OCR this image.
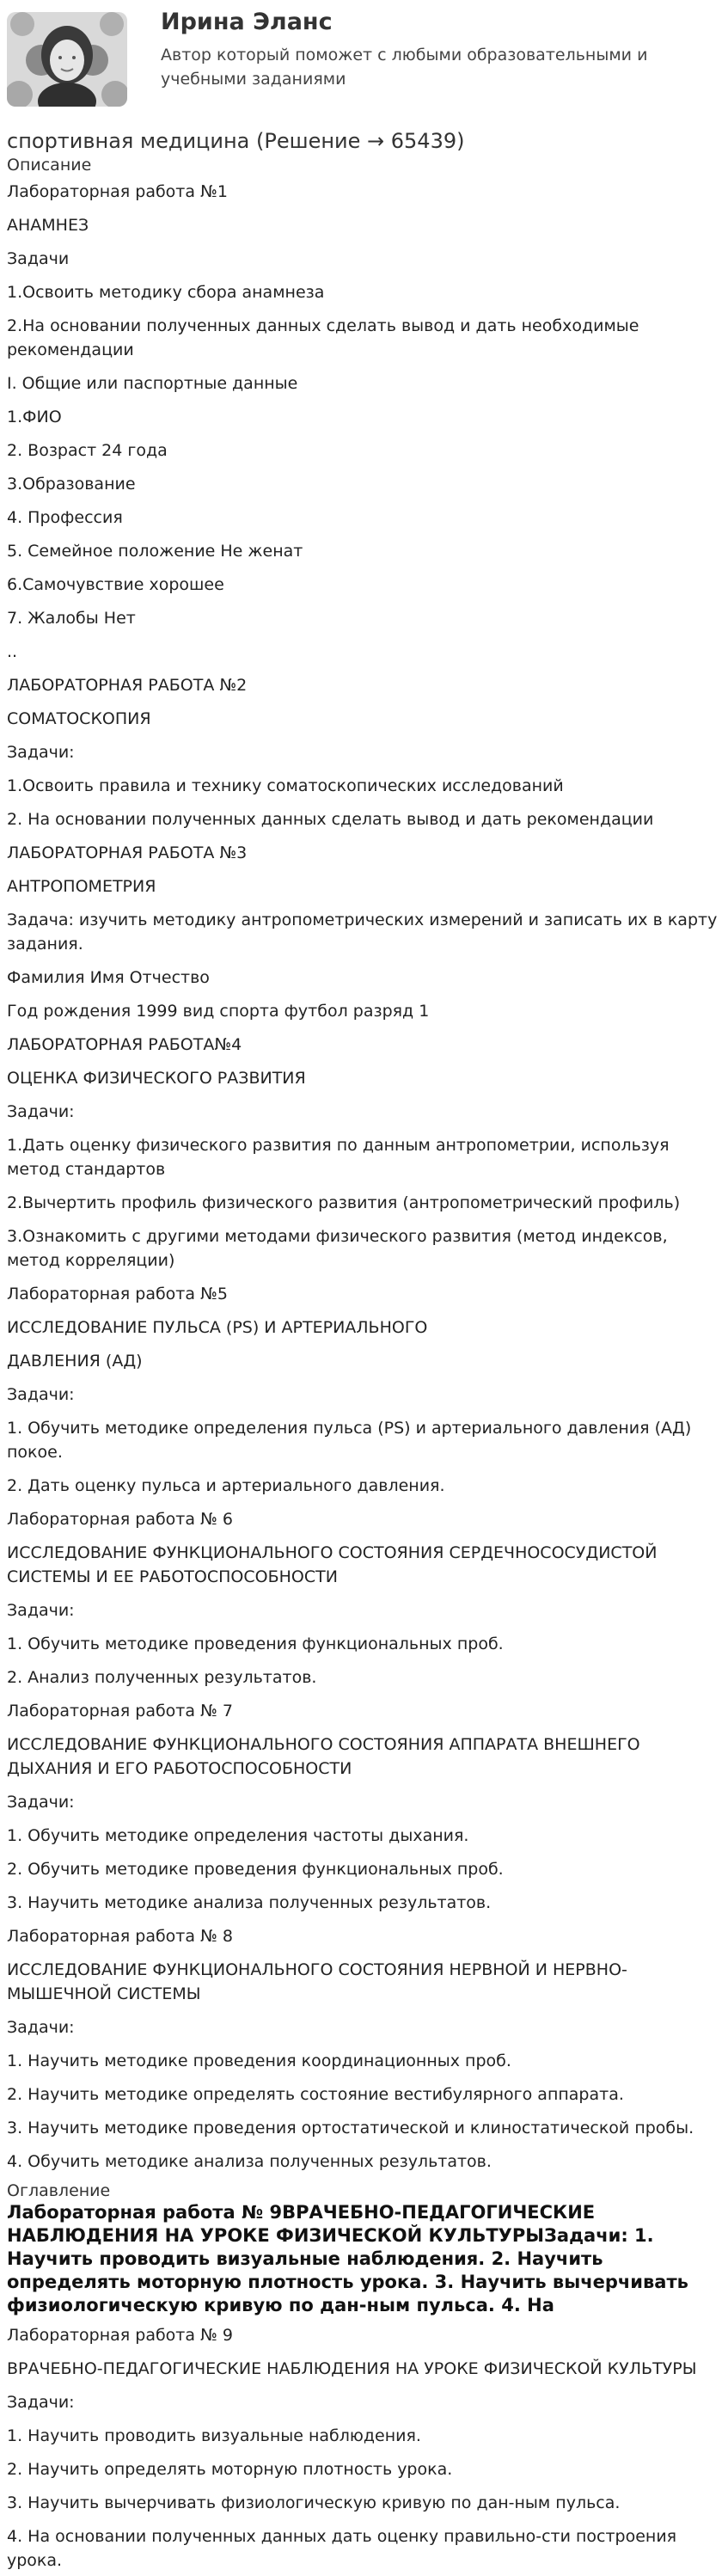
Ирина Эланс

Автор который поможет с любыми образовательными и учебными заданиями

спортивная медицина (Решение → 65439)
Описание

Лабораторная работа №1

АНАМНЕЗ

Задачи

1.Освоить методику сбора анамнеза

2.На основании полученных данных сделать вывод и дать необходимые рекомендации

I. Общие или паспортные данные

1.ФИО

2. Возраст 24 года

3.Образование

4. Профессия

5. Семейное положение Не женат

6.Самочувствие хорошее

7. Жалобы Нет

..

ЛАБОРАТОРНАЯ РАБОТА №2

СОМАТОСКОПИЯ

Задачи:

1.Освоить правила и технику соматоскопических исследований

2. На основании полученных данных сделать вывод и дать рекомендации

ЛАБОРАТОРНАЯ РАБОТА №3

АНТРОПОМЕТРИЯ

Задача: изучить методику антропометрических измерений и записать их в карту задания.

Фамилия Имя Отчество

Год рождения 1999 вид спорта футбол разряд 1

ЛАБОРАТОРНАЯ РАБОТА№4

ОЦЕНКА ФИЗИЧЕСКОГО РАЗВИТИЯ

Задачи:

1.Дать оценку физического развития по данным антропометрии, используя метод стандартов

2.Вычертить профиль физического развития (антропометрический профиль)

3.Ознакомить с другими методами физического развития (метод индексов, метод корреляции)

Лабораторная работа №5

ИССЛЕДОВАНИЕ ПУЛЬСА (PS) И АРТЕРИАЛЬНОГО

ДАВЛЕНИЯ (АД)

Задачи:

1. Обучить методике определения пульса (PS) и артериального давления (АД) покое.

2. Дать оценку пульса и артериального давления.

Лабораторная работа № 6

ИССЛЕДОВАНИЕ ФУНКЦИОНАЛЬНОГО СОСТОЯНИЯ СЕРДЕЧНОСОСУДИСТОЙ СИСТЕМЫ И ЕЕ РАБОТОСПОСОБНОСТИ

Задачи:

1. Обучить методике проведения функциональных проб.

2. Анализ полученных результатов.

Лабораторная работа № 7

ИССЛЕДОВАНИЕ ФУНКЦИОНАЛЬНОГО СОСТОЯНИЯ АППАРАТА ВНЕШНЕГО ДЫХАНИЯ И ЕГО РАБОТОСПОСОБНОСТИ

Задачи:

1. Обучить методике определения частоты дыхания.

2. Обучить методике проведения функциональных проб.

3. Научить методике анализа полученных результатов.

Лабораторная работа № 8

ИССЛЕДОВАНИЕ ФУНКЦИОНАЛЬНОГО СОСТОЯНИЯ НЕРВНОЙ И НЕРВНО-МЫШЕЧНОЙ СИСТЕМЫ

Задачи:

1. Научить методике проведения координационных проб.

2. Научить методике определять состояние вестибулярного аппарата.

3. Научить методике проведения ортостатической и клиностатической пробы.

4. Обучить методике анализа полученных результатов.

Оглавление
Лабораторная работа № 9ВРАЧЕБНО-ПЕДАГОГИЧЕСКИЕ НАБЛЮДЕНИЯ НА УРОКЕ ФИЗИЧЕСКОЙ КУЛЬТУРЫЗадачи: 1. Научить проводить визуальные наблюдения. 2. Научить определять моторную плотность урока. 3. Научить вычерчивать физиологическую кривую по дан-ным пульса. 4. На

Лабораторная работа № 9

ВРАЧЕБНО-ПЕДАГОГИЧЕСКИЕ НАБЛЮДЕНИЯ НА УРОКЕ ФИЗИЧЕСКОЙ КУЛЬТУРЫ

Задачи:

1. Научить проводить визуальные наблюдения.

2. Научить определять моторную плотность урока.

3. Научить вычерчивать физиологическую кривую по дан-ным пульса.

4. На основании полученных данных дать оценку правильно-сти построения урока.
